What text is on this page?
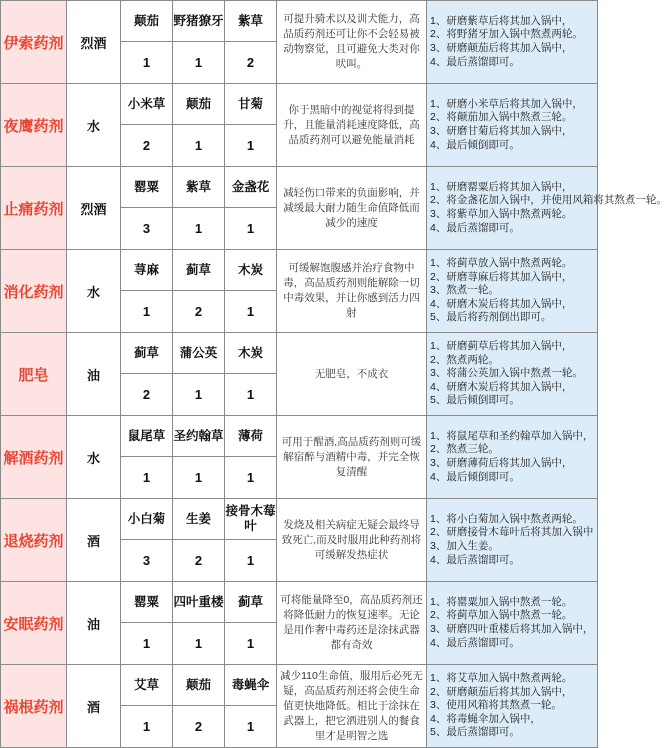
伊索药剂	烈酒	颠茄	野猪獠牙	紫草	可提升骑术以及训犬能力，高品质药剂还可让你不会轻易被动物察觉，且可避免大类对你吠叫。	1、研磨紫草后将其加入锅中，
2、将野猪牙加入锅中熬煮两轮。
3、研磨颠茄后将其加入锅中，
4、最后蒸馏即可。

		1	1	2		
夜鹰药剂	水	小米草	颠茄	甘菊	你于黑暗中的视觉将得到提升，且能量消耗速度降低，高品质药剂可以避免能量消耗	1、研磨小米草后将其加入锅中，
2、将颠茄加入锅中熬煮三轮。
3、研磨甘菊后将其加入锅中，
4、最后倾倒即可。

		2	1	1		
止痛药剂	烈酒	罂粟	紫草	金盏花	减轻伤口带来的负面影响，并减缓最大耐力随生命值降低而减少的速度	1、研磨罂粟后将其加入锅中，
2、将金盏花加入锅中，并使用风箱将其熬煮一轮。
3、将紫草加入锅中熬煮两轮。
4、最后蒸馏即可。

		3	1	1		
消化药剂	水	荨麻	蓟草	木炭	可缓解饱腹感并治疗食物中毒，高品质药剂则能解除一切中毒效果，并让你感到活力四射	1、将蓟草放入锅中熬煮两轮。
2、研磨荨麻后将其加入锅中，
3、熬煮一轮。
4、研磨木炭后将其加入锅中，
5、最后将药剂倒出即可。

		1	2	1		
肥皂	油	蓟草	蒲公英	木炭	无肥皂，不成衣	1、研磨蓟草后将其加入锅中，
2、熬煮两轮。
3、将蒲公英加入锅中熬煮一轮。
4、研磨木炭后将其加入锅中，
5、最后倾倒即可。

		2	1	1		
解酒药剂	水	鼠尾草	圣约翰草	薄荷	可用于醒酒,高品质药剂则可缓解宿醉与酒精中毒，并完全恢复清醒	1、将鼠尾草和圣约翰草加入锅中，
2、熬煮三轮。
3、研磨薄荷后将其加入锅中，
4、最后倾倒即可。

		1	1	1		
退烧药剂	酒	小白菊	生姜	接骨木莓叶	发烧及相关病症无疑会最终导致死亡,而及时服用此种药剂将可缓解发热症状	1、将小白菊加入锅中熬煮两轮。
2、研磨接骨木莓叶后将其加入锅中
3、加入生姜。
4、最后蒸馏即可。

		3	2	1		
安眠药剂	油	罂粟	四叶重楼	蓟草	可将能量降至0，高品质药剂还将降低耐力的恢复速率。无论是用作奢中毒药还是涂抹武器都有奇效	1、将罂粟加入锅中熬煮一轮。
2、将蓟草加入锅中熬煮一轮。
3、研磨四叶重楼后将其加入锅中，
4、最后蒸馏即可。

		1	1	1		
祸根药剂	酒	艾草	颠茄	毒蝇伞	减少110生命值，服用后必死无疑，高品质药剂还将会使生命值更快地降低。相比于涂抹在武器上，把它洒进别人的餐食里才是明智之选	1、将艾草加入锅中熬煮两轮。
2、研磨颠茄后将其加入锅中，
3、使用风箱将其熬煮一轮。
4、将毒蝇伞加入锅中，
5、最后蒸馏即可。

		1	2	1		
